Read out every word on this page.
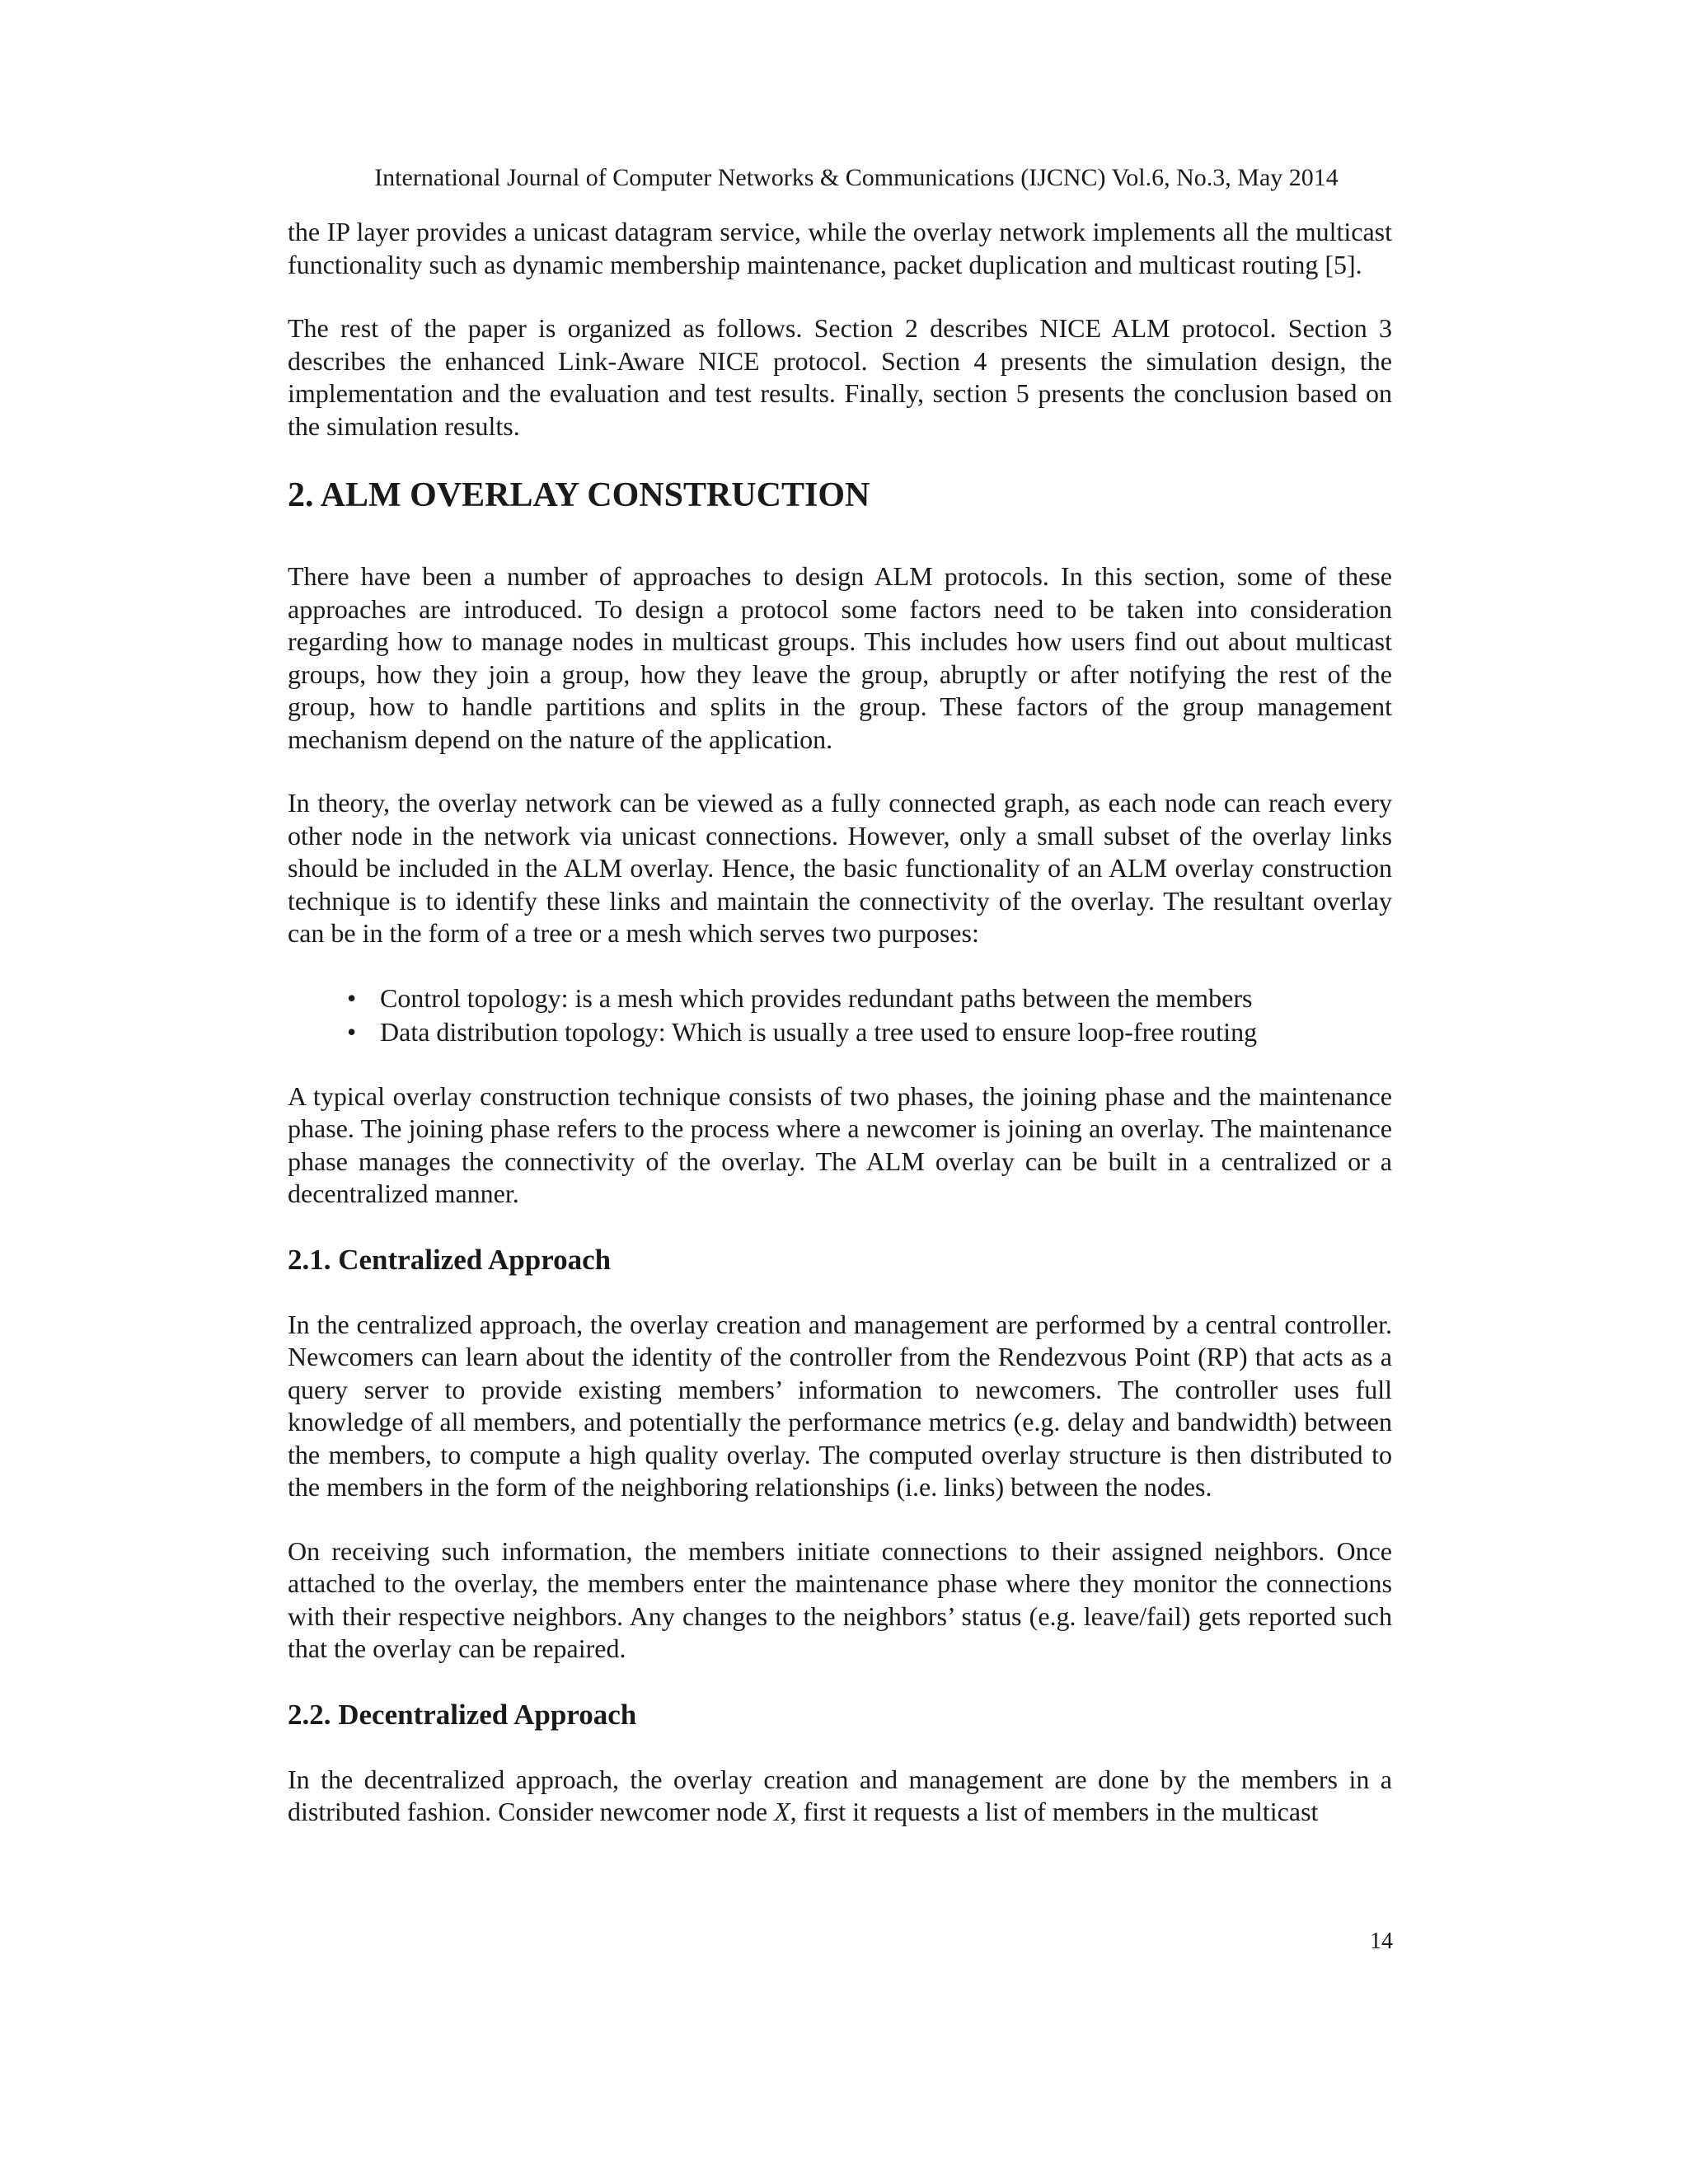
International Journal of Computer Networks & Communications (IJCNC) Vol.6, No.3, May 2014

the IP layer provides a unicast datagram service, while the overlay network implements all the multicast functionality such as dynamic membership maintenance, packet duplication and multicast routing [5].

The rest of the paper is organized as follows. Section 2 describes NICE ALM protocol. Section 3 describes the enhanced Link-Aware NICE protocol. Section 4 presents the simulation design, the implementation and the evaluation and test results. Finally, section 5 presents the conclusion based on the simulation results.

2. ALM OVERLAY CONSTRUCTION

There have been a number of approaches to design ALM protocols. In this section, some of these approaches are introduced. To design a protocol some factors need to be taken into consideration regarding how to manage nodes in multicast groups. This includes how users find out about multicast groups, how they join a group, how they leave the group, abruptly or after notifying the rest of the group, how to handle partitions and splits in the group. These factors of the group management mechanism depend on the nature of the application.

In theory, the overlay network can be viewed as a fully connected graph, as each node can reach every other node in the network via unicast connections. However, only a small subset of the overlay links should be included in the ALM overlay. Hence, the basic functionality of an ALM overlay construction technique is to identify these links and maintain the connectivity of the overlay. The resultant overlay can be in the form of a tree or a mesh which serves two purposes:

• Control topology: is a mesh which provides redundant paths between the members
• Data distribution topology: Which is usually a tree used to ensure loop-free routing

A typical overlay construction technique consists of two phases, the joining phase and the maintenance phase. The joining phase refers to the process where a newcomer is joining an overlay. The maintenance phase manages the connectivity of the overlay. The ALM overlay can be built in a centralized or a decentralized manner.

2.1. Centralized Approach

In the centralized approach, the overlay creation and management are performed by a central controller. Newcomers can learn about the identity of the controller from the Rendezvous Point (RP) that acts as a query server to provide existing members’ information to newcomers. The controller uses full knowledge of all members, and potentially the performance metrics (e.g. delay and bandwidth) between the members, to compute a high quality overlay. The computed overlay structure is then distributed to the members in the form of the neighboring relationships (i.e. links) between the nodes.

On receiving such information, the members initiate connections to their assigned neighbors. Once attached to the overlay, the members enter the maintenance phase where they monitor the connections with their respective neighbors. Any changes to the neighbors’ status (e.g. leave/fail) gets reported such that the overlay can be repaired.

2.2. Decentralized Approach

In the decentralized approach, the overlay creation and management are done by the members in a distributed fashion. Consider newcomer node X, first it requests a list of members in the multicast

14
